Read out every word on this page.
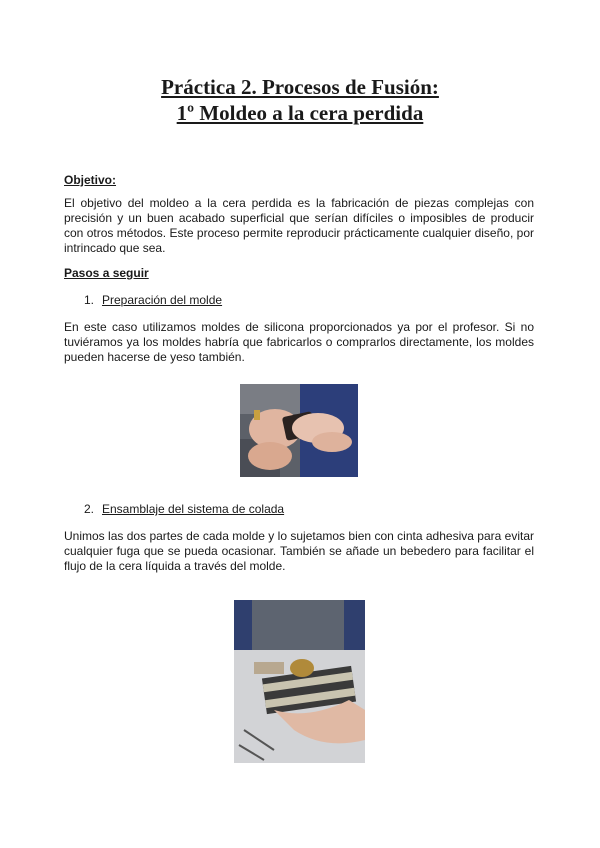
Práctica 2. Procesos de Fusión:
1º Moldeo a la cera perdida

Objetivo:

El objetivo del moldeo a la cera perdida es la fabricación de piezas complejas con precisión y un buen acabado superficial que serían difíciles o imposibles de producir con otros métodos. Este proceso permite reproducir prácticamente cualquier diseño, por intrincado que sea.

Pasos a seguir

1. Preparación del molde

En este caso utilizamos moldes de silicona proporcionados ya por el profesor. Si no tuviéramos ya los moldes habría que fabricarlos o comprarlos directamente, los moldes pueden hacerse de yeso también.

2. Ensamblaje del sistema de colada

Unimos las dos partes de cada molde y lo sujetamos bien con cinta adhesiva para evitar cualquier fuga que se pueda ocasionar. También se añade un bebedero para facilitar el flujo de la cera líquida a través del molde.
